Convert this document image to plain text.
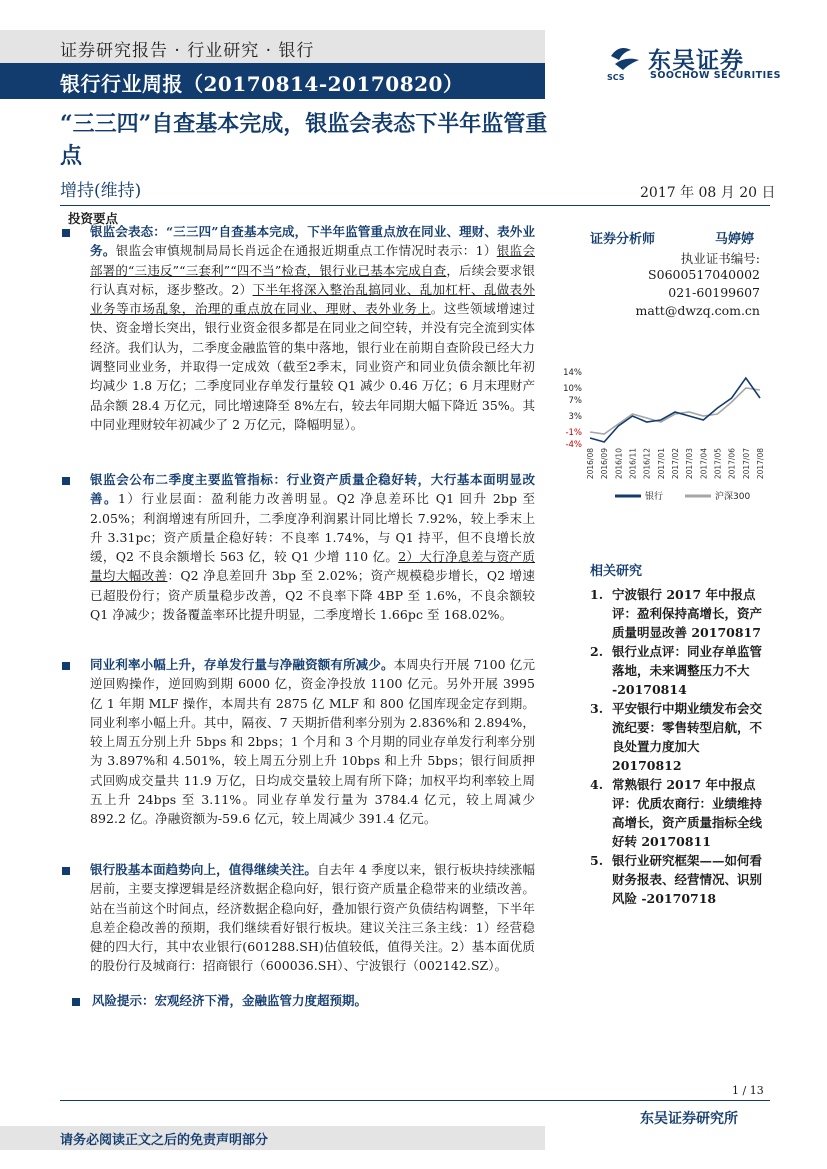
证券研究报告 · 行业研究 · 银行
银行行业周报（20170814-20170820）	SCS
东吴证券
SOOCHOW SECURITIES
“三三四”自查基本完成，银监会表态下半年监管重点
增持(维持)	2017 年 08 月 20 日
投资要点
银监会表态：“三三四”自查基本完成，下半年监管重点放在同业、理财、表外业务。银监会审慎规制局局长肖远企在通报近期重点工作情况时表示：1）银监会部署的“三违反”“三套利”“四不当”检查，银行业已基本完成自查，后续会要求银行认真对标，逐步整改。2）下半年将深入整治乱搞同业、乱加杠杆、乱做表外业务等市场乱象，治理的重点放在同业、理财、表外业务上。这些领域增速过快、资金增长突出，银行业资金很多都是在同业之间空转，并没有完全流到实体经济。我们认为，二季度金融监管的集中落地，银行业在前期自查阶段已经大力调整同业业务，并取得一定成效（截至2季末，同业资产和同业负债余额比年初均减少 1.8 万亿；二季度同业存单发行量较 Q1 减少 0.46 万亿；6 月末理财产品余额 28.4 万亿元，同比增速降至 8%左右，较去年同期大幅下降近 35%。其中同业理财较年初减少了 2 万亿元，降幅明显）。
银监会公布二季度主要监管指标：行业资产质量企稳好转，大行基本面明显改善。1）行业层面：盈利能力改善明显。Q2 净息差环比 Q1 回升 2bp 至 2.05%；利润增速有所回升，二季度净利润累计同比增长 7.92%，较上季末上升 3.31pc；资产质量企稳好转：不良率 1.74%，与 Q1 持平，但不良增长放缓，Q2 不良余额增长 563 亿，较 Q1 少增 110 亿。2）大行净息差与资产质量均大幅改善：Q2 净息差回升 3bp 至 2.02%；资产规模稳步增长，Q2 增速已超股份行；资产质量稳步改善，Q2 不良率下降 4BP 至 1.6%，不良余额较 Q1 净减少；拨备覆盖率环比提升明显，二季度增长 1.66pc 至 168.02%。
同业利率小幅上升，存单发行量与净融资额有所减少。本周央行开展 7100 亿元逆回购操作，逆回购到期 6000 亿，资金净投放 1100 亿元。另外开展 3995 亿 1 年期 MLF 操作，本周共有 2875 亿 MLF 和 800 亿国库现金定存到期。同业利率小幅上升。其中，隔夜、7 天期折借利率分别为 2.836%和 2.894%，较上周五分别上升 5bps 和 2bps；1 个月和 3 个月期的同业存单发行利率分别为 3.897%和 4.501%，较上周五分别上升 10bps 和上升 5bps；银行间质押式回购成交量共 11.9 万亿，日均成交量较上周有所下降；加权平均利率较上周五上升 24bps 至 3.11%。同业存单发行量为 3784.4 亿元，较上周减少 892.2 亿。净融资额为-59.6 亿元，较上周减少 391.4 亿元。
银行股基本面趋势向上，值得继续关注。自去年 4 季度以来，银行板块持续涨幅居前，主要支撑逻辑是经济数据企稳向好，银行资产质量企稳带来的业绩改善。站在当前这个时间点，经济数据企稳向好，叠加银行资产负债结构调整，下半年息差企稳改善的预期，我们继续看好银行板块。建议关注三条主线：1）经营稳健的四大行，其中农业银行(601288.SH)估值较低，值得关注。2）基本面优质的股份行及城商行：招商银行（600036.SH）、宁波银行（002142.SZ）。
风险提示：宏观经济下滑，金融监管力度超预期。
证券分析师	马婷婷
执业证书编号:
S0600517040002
021-60199607
matt@dwzq.com.cn
14%
10%
7%
3%
-1%
-4%
2016/08 2016/09 2016/10 2016/11 2016/12 2017/01 2017/02 2017/03 2017/04 2017/05 2017/06 2017/07 2017/08
银行	沪深300
相关研究
1. 宁波银行 2017 年中报点评：盈利保持高增长，资产质量明显改善 20170817
2. 银行业点评：同业存单监管落地，未来调整压力不大 -20170814
3. 平安银行中期业绩发布会交流纪要：零售转型启航，不良处置力度加大 20170812
4. 常熟银行 2017 年中报点评：优质农商行：业绩维持高增长，资产质量指标全线好转 20170811
5. 银行业研究框架——如何看财务报表、经营情况、识别风险 -20170718
1 / 13
东吴证券研究所
请务必阅读正文之后的免责声明部分
